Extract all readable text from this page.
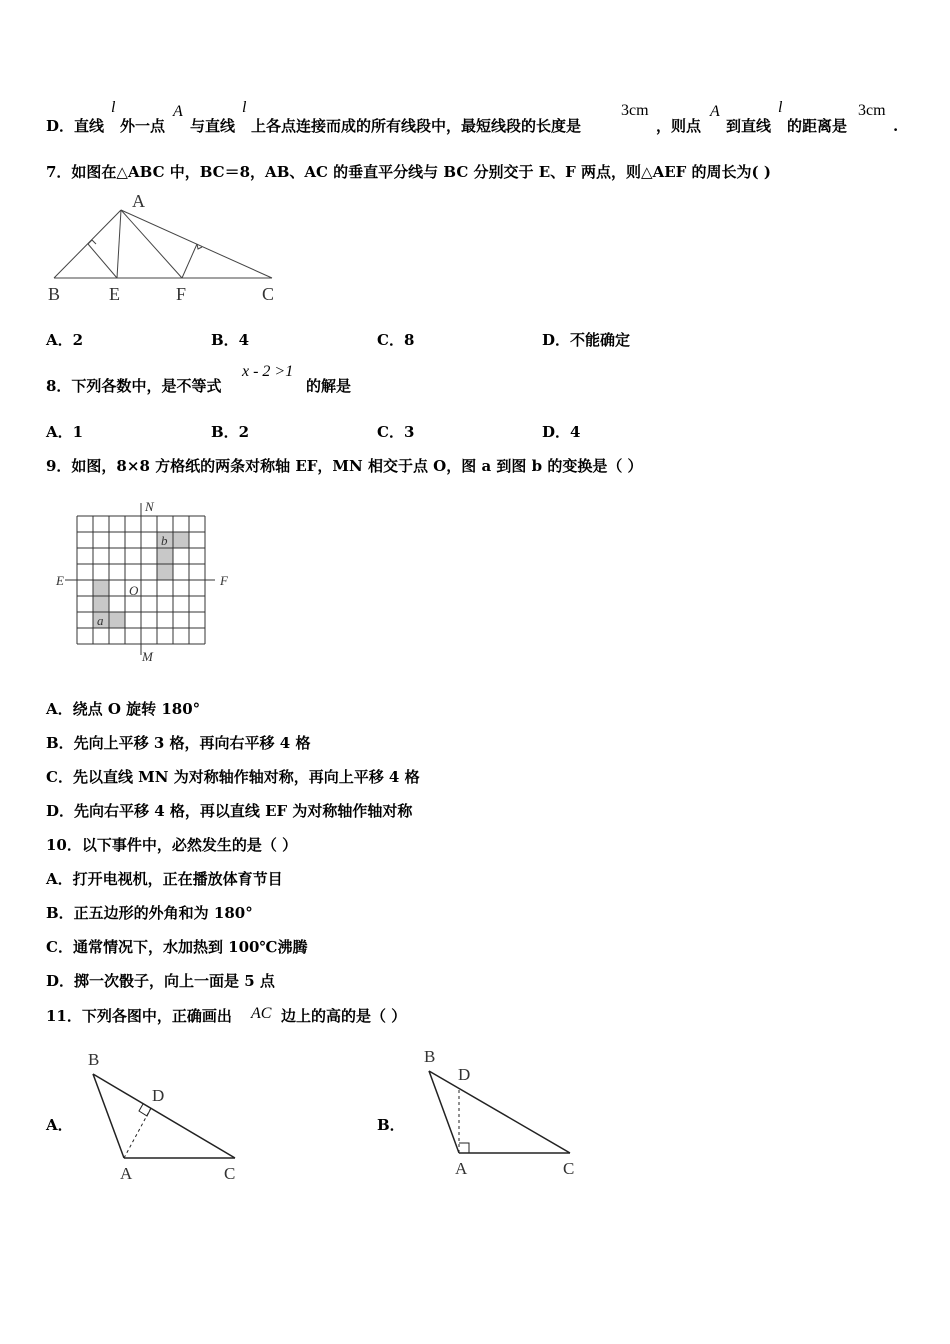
D． 直线
l
外一点
A
与直线
l
上各点连接而成的所有线段中，最短线段的长度是
3cm
，则点
A
到直线
l
的距离是
3cm
.
7．如图在△ABC 中，BC＝8，AB、AC 的垂直平分线与 BC 分别交于 E、F 两点，则△AEF 的周长为( )
A
B	E	F	C
A．2	B．4	C．8	D．不能确定
8．下列各数中，是不等式
x - 2 >1
的解是
A．1	B．2	C．3	D．4
9．如图，8×8 方格纸的两条对称轴 EF，MN 相交于点 O，图 a 到图 b 的变换是（ ）
N
M
E	F
O
a
b
A．绕点 O 旋转 180°
B．先向上平移 3 格，再向右平移 4 格
C．先以直线 MN 为对称轴作轴对称，再向上平移 4 格
D．先向右平移 4 格，再以直线 EF 为对称轴作轴对称
10．以下事件中，必然发生的是（ ）
A．打开电视机，正在播放体育节目
B．正五边形的外角和为 180°
C．通常情况下，水加热到 100℃沸腾
D．掷一次骰子，向上一面是 5 点
11．下列各图中，正确画出 AC 边上的高的是（ ）
A．	B．
B
D
A	C
B
D
A	C
